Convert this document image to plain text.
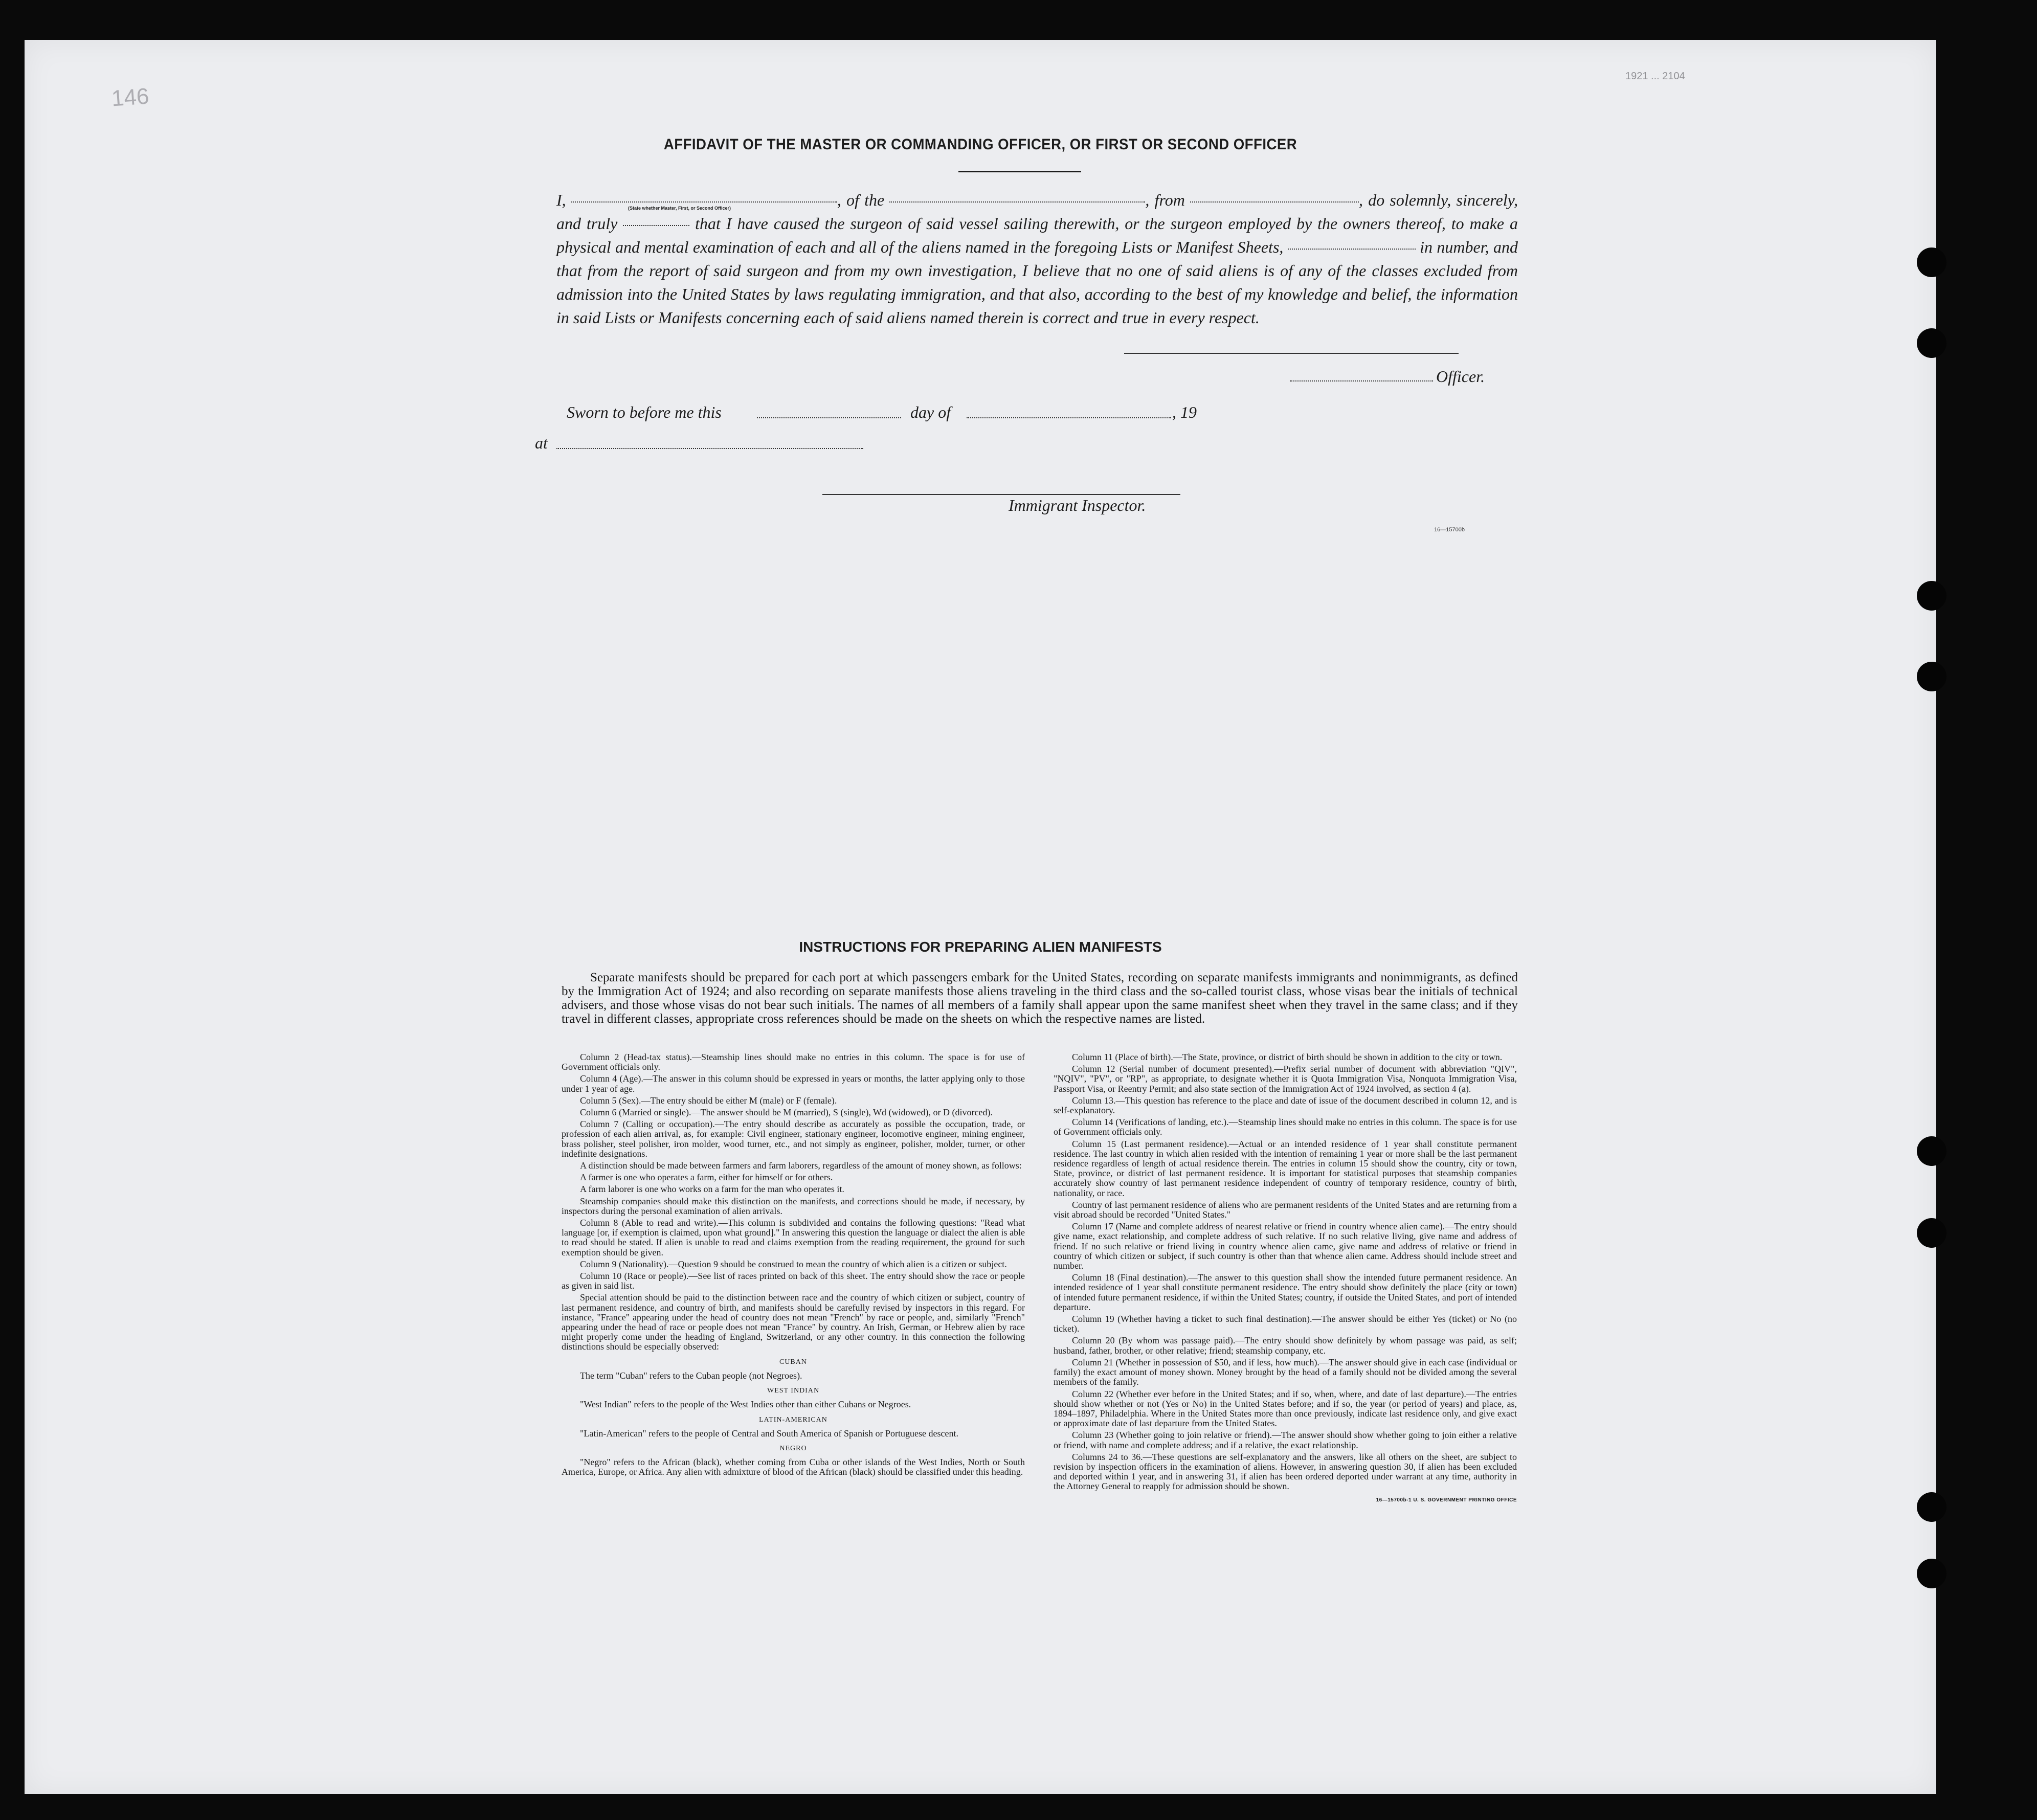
146
1921 ... 2104
AFFIDAVIT OF THE MASTER OR COMMANDING OFFICER, OR FIRST OR SECOND OFFICER
I,	, of the	, from	, do solemnly, sincerely, and truly	that I have caused the surgeon of said vessel sailing therewith, or the surgeon employed by the owners thereof, to make a physical and mental examination of each and all of the aliens named in the foregoing Lists or Manifest Sheets,	in number, and that from the report of said surgeon and from my own investigation, I believe that no one of said aliens is of any of the classes excluded from admission into the United States by laws regulating immigration, and that also, according to the best of my knowledge and belief, the information in said Lists or Manifests concerning each of said aliens named therein is correct and true in every respect.
(State whether Master, First, or Second Officer)
Officer.
Sworn to before me this	day of	, 19
at
Immigrant Inspector.
16—15700b
INSTRUCTIONS FOR PREPARING ALIEN MANIFESTS
Separate manifests should be prepared for each port at which passengers embark for the United States, recording on separate manifests immigrants and nonimmigrants, as defined by the Immigration Act of 1924; and also recording on separate manifests those aliens traveling in the third class and the so-called tourist class, whose visas bear the initials of technical advisers, and those whose visas do not bear such initials. The names of all members of a family shall appear upon the same manifest sheet when they travel in the same class; and if they travel in different classes, appropriate cross references should be made on the sheets on which the respective names are listed.

Column 2 (Head-tax status).—Steamship lines should make no entries in this column. The space is for use of Government officials only.

Column 4 (Age).—The answer in this column should be expressed in years or months, the latter applying only to those under 1 year of age.

Column 5 (Sex).—The entry should be either M (male) or F (female).

Column 6 (Married or single).—The answer should be M (married), S (single), Wd (widowed), or D (divorced).

Column 7 (Calling or occupation).—The entry should describe as accurately as possible the occupation, trade, or profession of each alien arrival, as, for example: Civil engineer, stationary engineer, locomotive engineer, mining engineer, brass polisher, steel polisher, iron molder, wood turner, etc., and not simply as engineer, polisher, molder, turner, or other indefinite designations.

A distinction should be made between farmers and farm laborers, regardless of the amount of money shown, as follows:

A farmer is one who operates a farm, either for himself or for others.

A farm laborer is one who works on a farm for the man who operates it.

Steamship companies should make this distinction on the manifests, and corrections should be made, if necessary, by inspectors during the personal examination of alien arrivals.

Column 8 (Able to read and write).—This column is subdivided and contains the following questions: "Read what language [or, if exemption is claimed, upon what ground]." In answering this question the language or dialect the alien is able to read should be stated. If alien is unable to read and claims exemption from the reading requirement, the ground for such exemption should be given.

Column 9 (Nationality).—Question 9 should be construed to mean the country of which alien is a citizen or subject.

Column 10 (Race or people).—See list of races printed on back of this sheet. The entry should show the race or people as given in said list.

Special attention should be paid to the distinction between race and the country of which citizen or subject, country of last permanent residence, and country of birth, and manifests should be carefully revised by inspectors in this regard. For instance, "France" appearing under the head of country does not mean "French" by race or people, and, similarly "French" appearing under the head of race or people does not mean "France" by country. An Irish, German, or Hebrew alien by race might properly come under the heading of England, Switzerland, or any other country. In this connection the following distinctions should be especially observed:

CUBAN

The term "Cuban" refers to the Cuban people (not Negroes).

WEST INDIAN

"West Indian" refers to the people of the West Indies other than either Cubans or Negroes.

LATIN-AMERICAN

"Latin-American" refers to the people of Central and South America of Spanish or Portuguese descent.

NEGRO

"Negro" refers to the African (black), whether coming from Cuba or other islands of the West Indies, North or South America, Europe, or Africa. Any alien with admixture of blood of the African (black) should be classified under this heading.

Column 11 (Place of birth).—The State, province, or district of birth should be shown in addition to the city or town.

Column 12 (Serial number of document presented).—Prefix serial number of document with abbreviation "QIV", "NQIV", "PV", or "RP", as appropriate, to designate whether it is Quota Immigration Visa, Nonquota Immigration Visa, Passport Visa, or Reentry Permit; and also state section of the Immigration Act of 1924 involved, as section 4 (a).

Column 13.—This question has reference to the place and date of issue of the document described in column 12, and is self-explanatory.

Column 14 (Verifications of landing, etc.).—Steamship lines should make no entries in this column. The space is for use of Government officials only.

Column 15 (Last permanent residence).—Actual or an intended residence of 1 year shall constitute permanent residence. The last country in which alien resided with the intention of remaining 1 year or more shall be the last permanent residence regardless of length of actual residence therein. The entries in column 15 should show the country, city or town, State, province, or district of last permanent residence. It is important for statistical purposes that steamship companies accurately show country of last permanent residence independent of country of temporary residence, country of birth, nationality, or race.

Country of last permanent residence of aliens who are permanent residents of the United States and are returning from a visit abroad should be recorded "United States."

Column 17 (Name and complete address of nearest relative or friend in country whence alien came).—The entry should give name, exact relationship, and complete address of such relative. If no such relative living, give name and address of friend. If no such relative or friend living in country whence alien came, give name and address of relative or friend in country of which citizen or subject, if such country is other than that whence alien came. Address should include street and number.

Column 18 (Final destination).—The answer to this question shall show the intended future permanent residence. An intended residence of 1 year shall constitute permanent residence. The entry should show definitely the place (city or town) of intended future permanent residence, if within the United States; country, if outside the United States, and port of intended departure.

Column 19 (Whether having a ticket to such final destination).—The answer should be either Yes (ticket) or No (no ticket).

Column 20 (By whom was passage paid).—The entry should show definitely by whom passage was paid, as self; husband, father, brother, or other relative; friend; steamship company, etc.

Column 21 (Whether in possession of $50, and if less, how much).—The answer should give in each case (individual or family) the exact amount of money shown. Money brought by the head of a family should not be divided among the several members of the family.

Column 22 (Whether ever before in the United States; and if so, when, where, and date of last departure).—The entries should show whether or not (Yes or No) in the United States before; and if so, the year (or period of years) and place, as, 1894–1897, Philadelphia. Where in the United States more than once previously, indicate last residence only, and give exact or approximate date of last departure from the United States.

Column 23 (Whether going to join relative or friend).—The answer should show whether going to join either a relative or friend, with name and complete address; and if a relative, the exact relationship.

Columns 24 to 36.—These questions are self-explanatory and the answers, like all others on the sheet, are subject to revision by inspection officers in the examination of aliens. However, in answering question 30, if alien has been excluded and deported within 1 year, and in answering 31, if alien has been ordered deported under warrant at any time, authority in the Attorney General to reapply for admission should be shown.

16—15700b-1 U. S. GOVERNMENT PRINTING OFFICE
